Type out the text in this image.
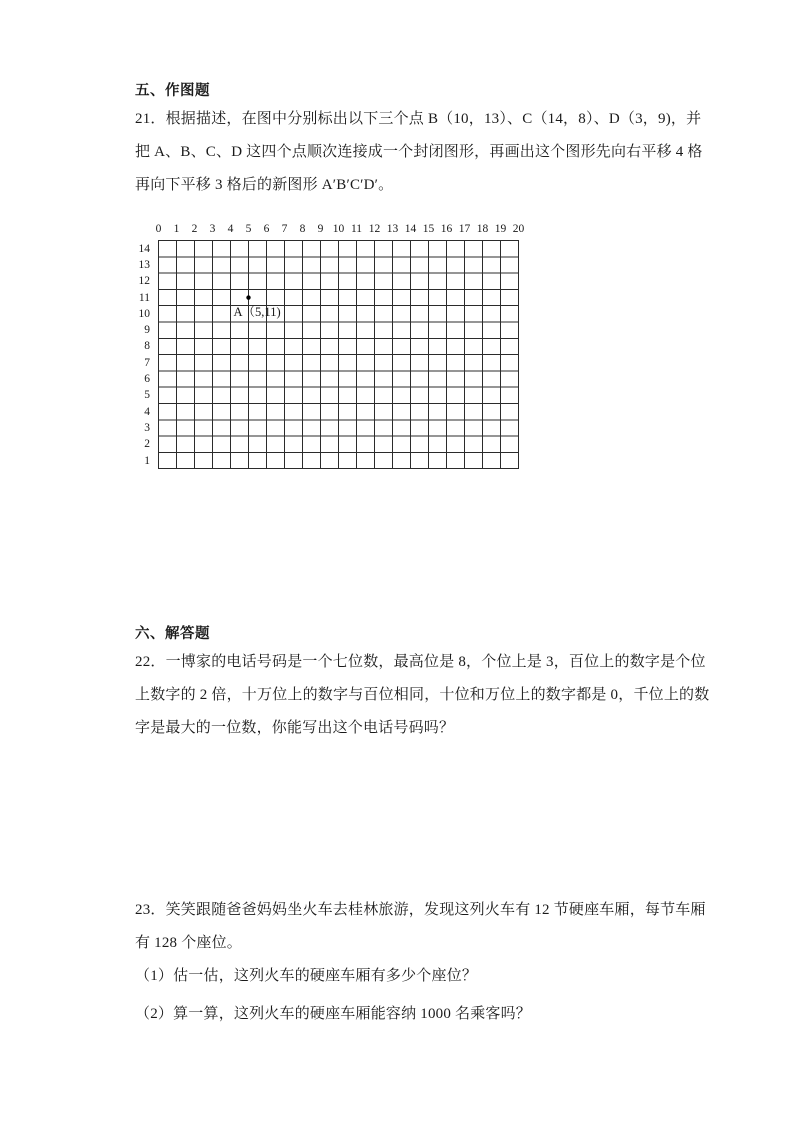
五、作图题
21．根据描述，在图中分别标出以下三个点 B（10，13）、C（14，8）、D（3，9)，并
把 A、B、C、D 这四个点顺次连接成一个封闭图形，再画出这个图形先向右平移 4 格
再向下平移 3 格后的新图形 A′B′C′D′。
0 1 2 3 4 5 6 7 8 9 10 11 12 13 14 15 16 17 18 19 20
14
13
12
11
10
9
8
7
6
5
4
3
2
1
A（5,11)
六、解答题
22．一博家的电话号码是一个七位数，最高位是 8，个位上是 3，百位上的数字是个位
上数字的 2 倍，十万位上的数字与百位相同，十位和万位上的数字都是 0，千位上的数
字是最大的一位数，你能写出这个电话号码吗？
23．笑笑跟随爸爸妈妈坐火车去桂林旅游，发现这列火车有 12 节硬座车厢，每节车厢
有 128 个座位。
（1）估一估，这列火车的硬座车厢有多少个座位？
（2）算一算，这列火车的硬座车厢能容纳 1000 名乘客吗？
